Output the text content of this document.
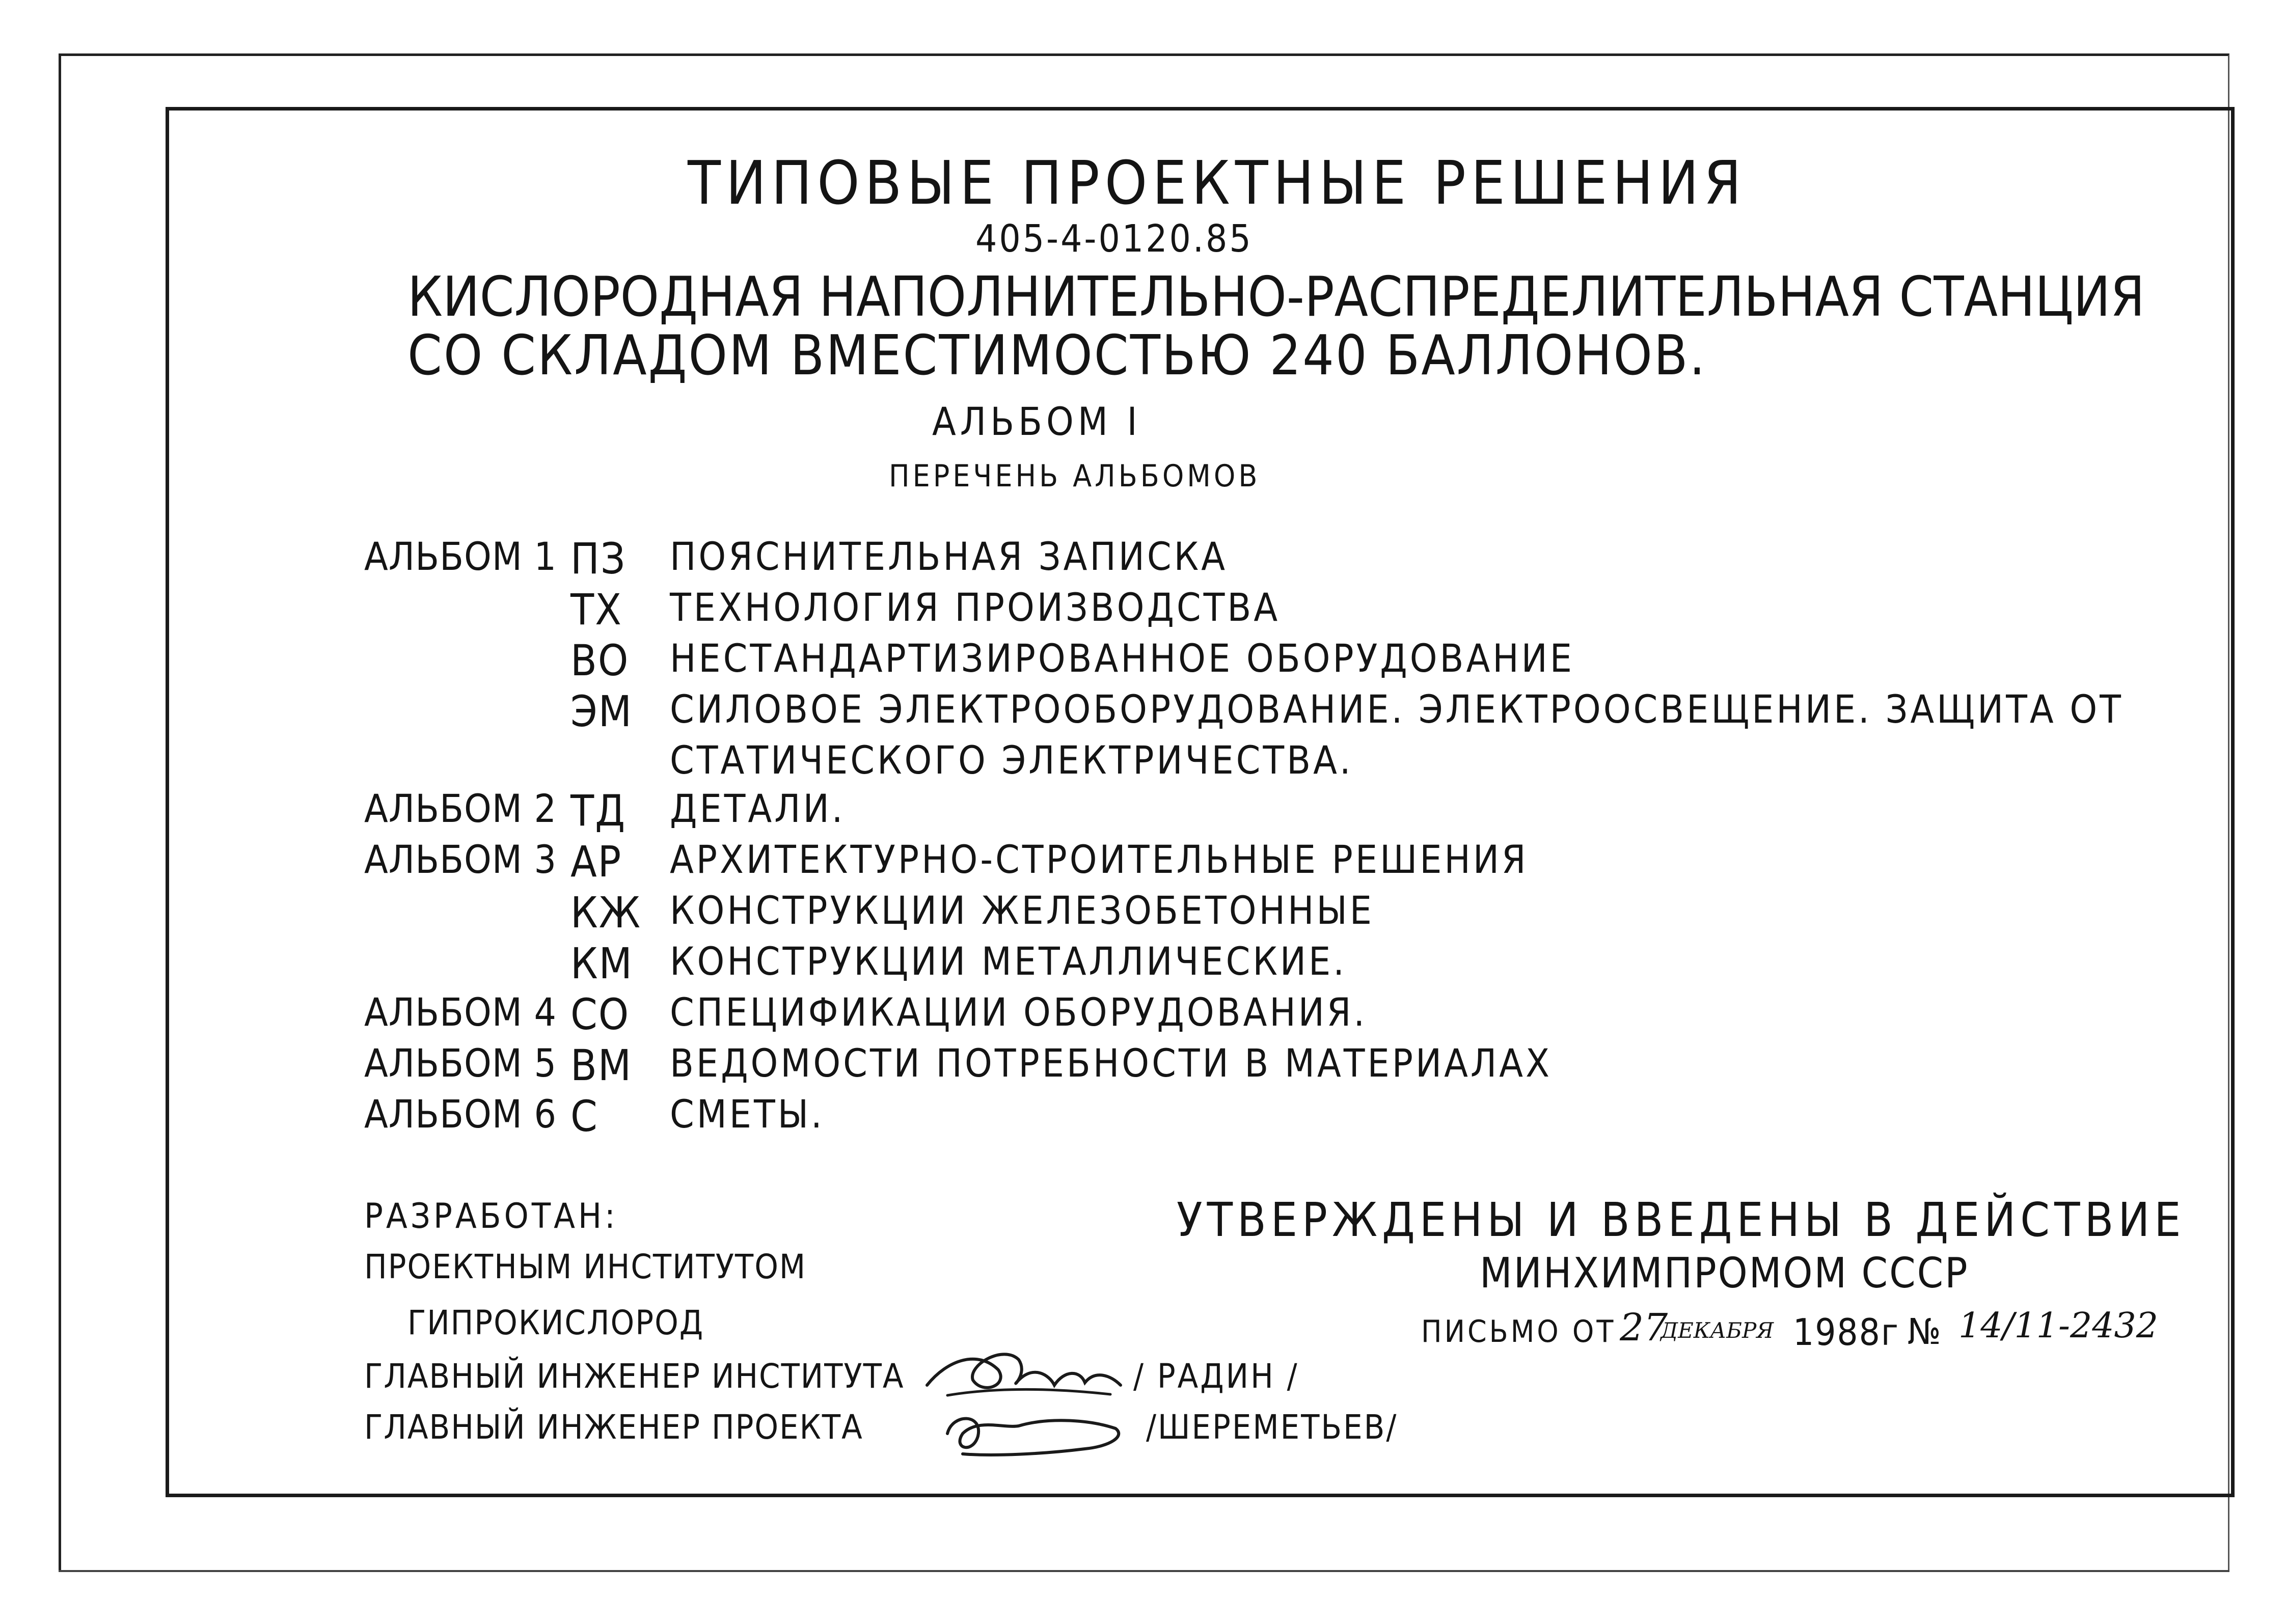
ТИПОВЫЕ ПРОЕКТНЫЕ РЕШЕНИЯ
405-4-0120.85
КИСЛОРОДНАЯ НАПОЛНИТЕЛЬНО-РАСПРЕДЕЛИТЕЛЬНАЯ СТАНЦИЯ
СО СКЛАДОМ ВМЕСТИМОСТЬЮ 240 БАЛЛОНОВ.
АЛЬБОМ I
ПЕРЕЧЕНЬ АЛЬБОМОВ
АЛЬБОМ 1 ПЗ ПОЯСНИТЕЛЬНАЯ ЗАПИСКА
ТХ ТЕХНОЛОГИЯ ПРОИЗВОДСТВА
ВО НЕСТАНДАРТИЗИРОВАННОЕ ОБОРУДОВАНИЕ
ЭМ СИЛОВОЕ ЭЛЕКТРООБОРУДОВАНИЕ. ЭЛЕКТРООСВЕЩЕНИЕ. ЗАЩИТА ОТ
СТАТИЧЕСКОГО ЭЛЕКТРИЧЕСТВА.
АЛЬБОМ 2 ТД ДЕТАЛИ.
АЛЬБОМ 3 АР АРХИТЕКТУРНО-СТРОИТЕЛЬНЫЕ РЕШЕНИЯ
КЖ КОНСТРУКЦИИ ЖЕЛЕЗОБЕТОННЫЕ
КМ КОНСТРУКЦИИ МЕТАЛЛИЧЕСКИЕ.
АЛЬБОМ 4 СО СПЕЦИФИКАЦИИ ОБОРУДОВАНИЯ.
АЛЬБОМ 5 ВМ ВЕДОМОСТИ ПОТРЕБНОСТИ В МАТЕРИАЛАХ
АЛЬБОМ 6 С СМЕТЫ.
РАЗРАБОТАН:
ПРОЕКТНЫМ ИНСТИТУТОМ
ГИПРОКИСЛОРОД
ГЛАВНЫЙ ИНЖЕНЕР ИНСТИТУТА	/ РАДИН /
ГЛАВНЫЙ ИНЖЕНЕР ПРОЕКТА	/ШЕРЕМЕТЬЕВ/
УТВЕРЖДЕНЫ И ВВЕДЕНЫ В ДЕЙСТВИЕ
МИНХИМПРОМОМ СССР
ПИСЬМО ОТ 27
ДЕКАБРЯ 1988г № 14/11-2432
